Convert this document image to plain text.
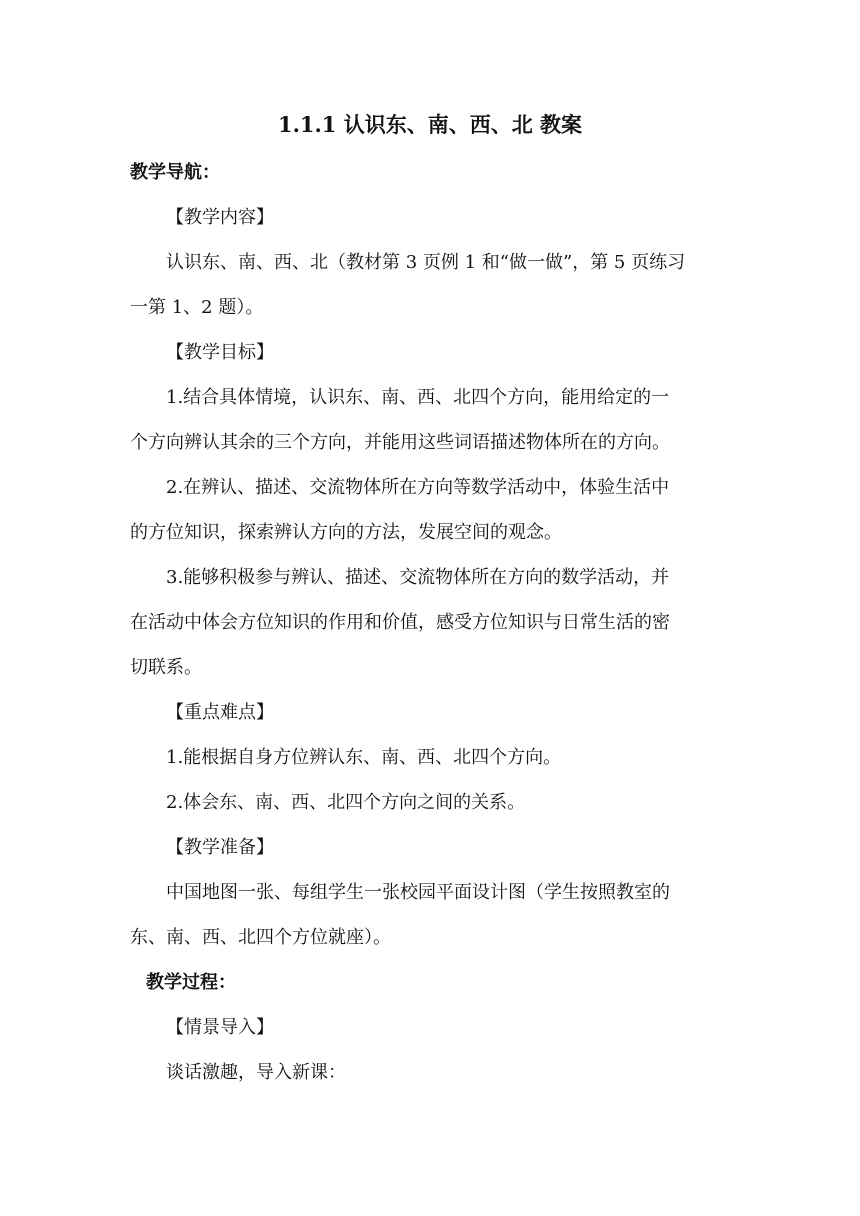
1.1.1 认识东、南、西、北 教案
教学导航：
【教学内容】
认识东、南、西、北（教材第 3 页例 1 和“做一做”，第 5 页练习
一第 1、2 题）。
【教学目标】
1.结合具体情境，认识东、南、西、北四个方向，能用给定的一
个方向辨认其余的三个方向，并能用这些词语描述物体所在的方向。
2.在辨认、描述、交流物体所在方向等数学活动中，体验生活中
的方位知识，探索辨认方向的方法，发展空间的观念。
3.能够积极参与辨认、描述、交流物体所在方向的数学活动，并
在活动中体会方位知识的作用和价值，感受方位知识与日常生活的密
切联系。
【重点难点】
1.能根据自身方位辨认东、南、西、北四个方向。
2.体会东、南、西、北四个方向之间的关系。
【教学准备】
中国地图一张、每组学生一张校园平面设计图（学生按照教室的
东、南、西、北四个方位就座）。
教学过程：
【情景导入】
谈话激趣，导入新课：
